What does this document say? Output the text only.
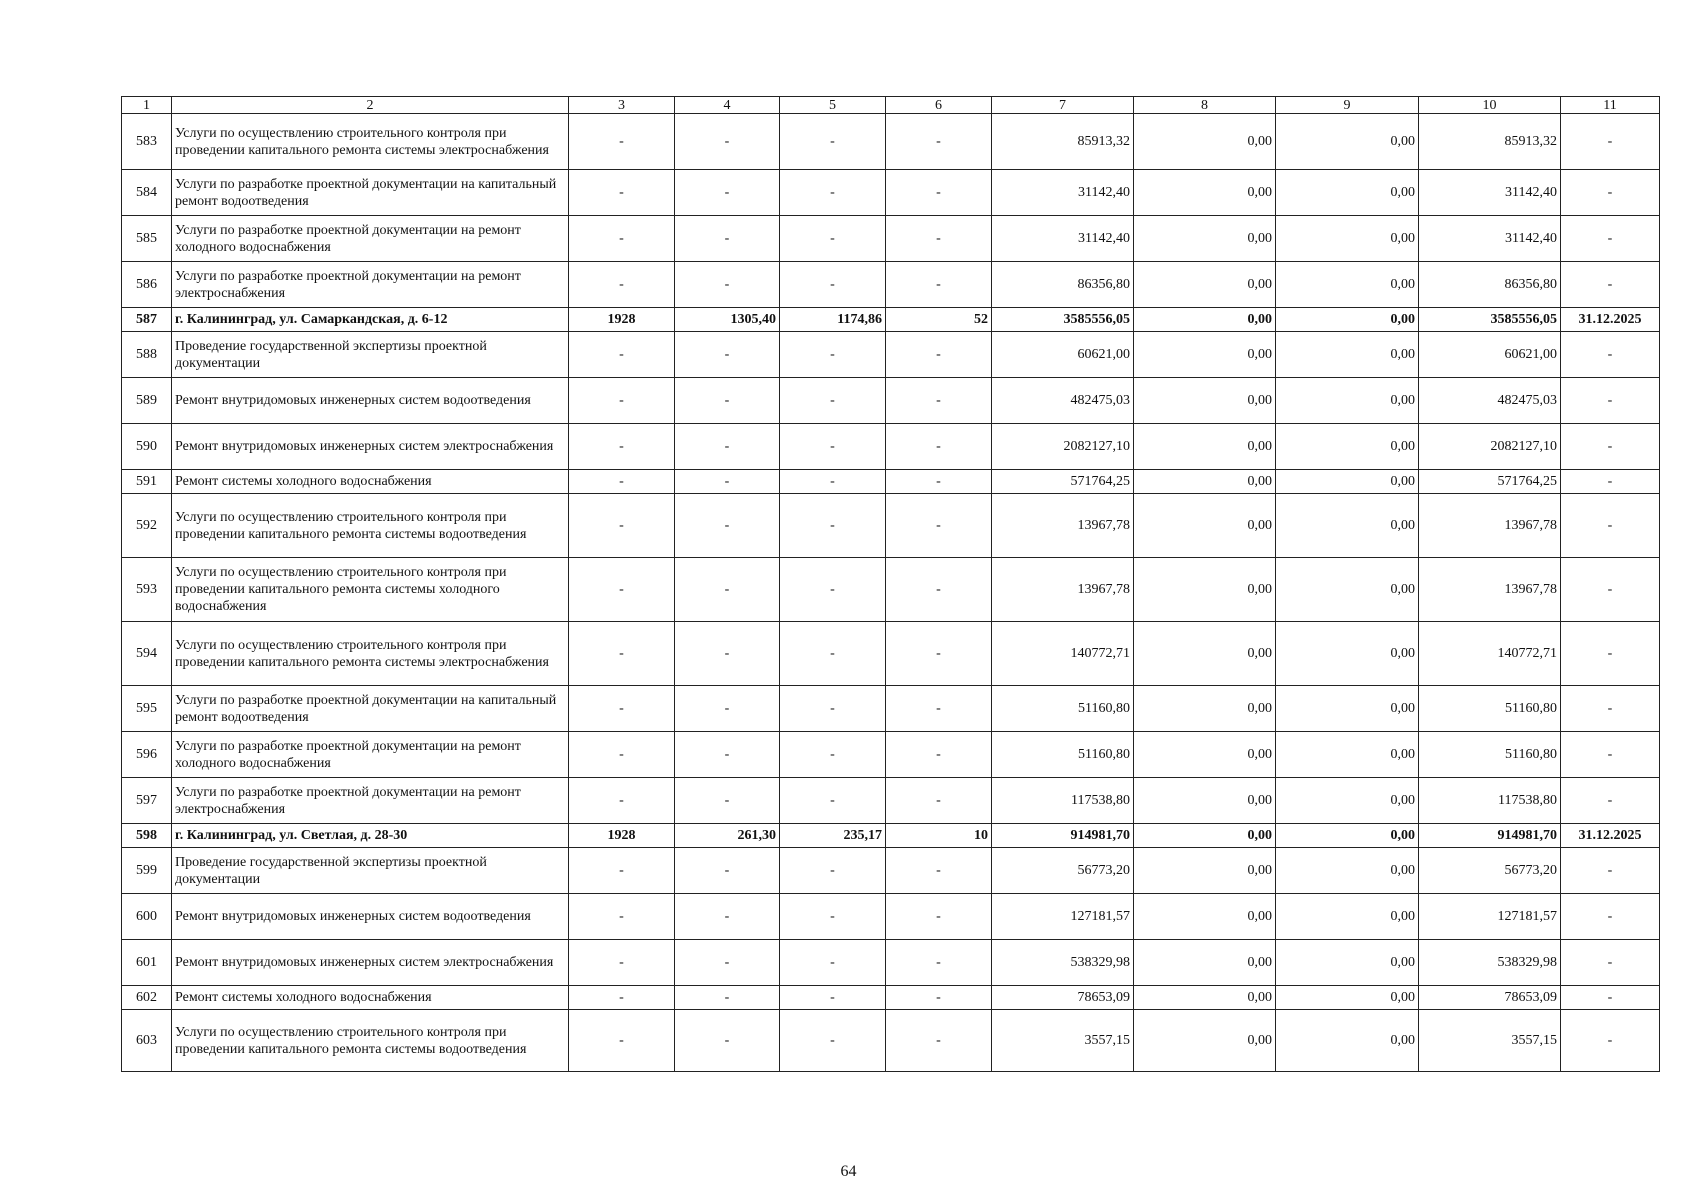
1	2	3	4	5	6	7	8	9	10	11
583	Услуги по осуществлению строительного контроля при проведении капитального ремонта системы электроснабжения	-	-	-	-	85913,32	0,00	0,00	85913,32	-
584	Услуги по разработке проектной документации на капитальный ремонт водоотведения	-	-	-	-	31142,40	0,00	0,00	31142,40	-
585	Услуги по разработке проектной документации на ремонт холодного водоснабжения	-	-	-	-	31142,40	0,00	0,00	31142,40	-
586	Услуги по разработке проектной документации на ремонт электроснабжения	-	-	-	-	86356,80	0,00	0,00	86356,80	-
587	г. Калининград, ул. Самаркандская, д. 6-12	1928	1305,40	1174,86	52	3585556,05	0,00	0,00	3585556,05	31.12.2025
588	Проведение государственной экспертизы проектной документации	-	-	-	-	60621,00	0,00	0,00	60621,00	-
589	Ремонт внутридомовых инженерных систем водоотведения	-	-	-	-	482475,03	0,00	0,00	482475,03	-
590	Ремонт внутридомовых инженерных систем электроснабжения	-	-	-	-	2082127,10	0,00	0,00	2082127,10	-
591	Ремонт системы холодного водоснабжения	-	-	-	-	571764,25	0,00	0,00	571764,25	-
592	Услуги по осуществлению строительного контроля при проведении капитального ремонта системы водоотведения	-	-	-	-	13967,78	0,00	0,00	13967,78	-
593	Услуги по осуществлению строительного контроля при проведении капитального ремонта системы холодного водоснабжения	-	-	-	-	13967,78	0,00	0,00	13967,78	-
594	Услуги по осуществлению строительного контроля при проведении капитального ремонта системы электроснабжения	-	-	-	-	140772,71	0,00	0,00	140772,71	-
595	Услуги по разработке проектной документации на капитальный ремонт водоотведения	-	-	-	-	51160,80	0,00	0,00	51160,80	-
596	Услуги по разработке проектной документации на ремонт холодного водоснабжения	-	-	-	-	51160,80	0,00	0,00	51160,80	-
597	Услуги по разработке проектной документации на ремонт электроснабжения	-	-	-	-	117538,80	0,00	0,00	117538,80	-
598	г. Калининград, ул. Светлая, д. 28-30	1928	261,30	235,17	10	914981,70	0,00	0,00	914981,70	31.12.2025
599	Проведение государственной экспертизы проектной документации	-	-	-	-	56773,20	0,00	0,00	56773,20	-
600	Ремонт внутридомовых инженерных систем водоотведения	-	-	-	-	127181,57	0,00	0,00	127181,57	-
601	Ремонт внутридомовых инженерных систем электроснабжения	-	-	-	-	538329,98	0,00	0,00	538329,98	-
602	Ремонт системы холодного водоснабжения	-	-	-	-	78653,09	0,00	0,00	78653,09	-
603	Услуги по осуществлению строительного контроля при проведении капитального ремонта системы водоотведения	-	-	-	-	3557,15	0,00	0,00	3557,15	-
64
